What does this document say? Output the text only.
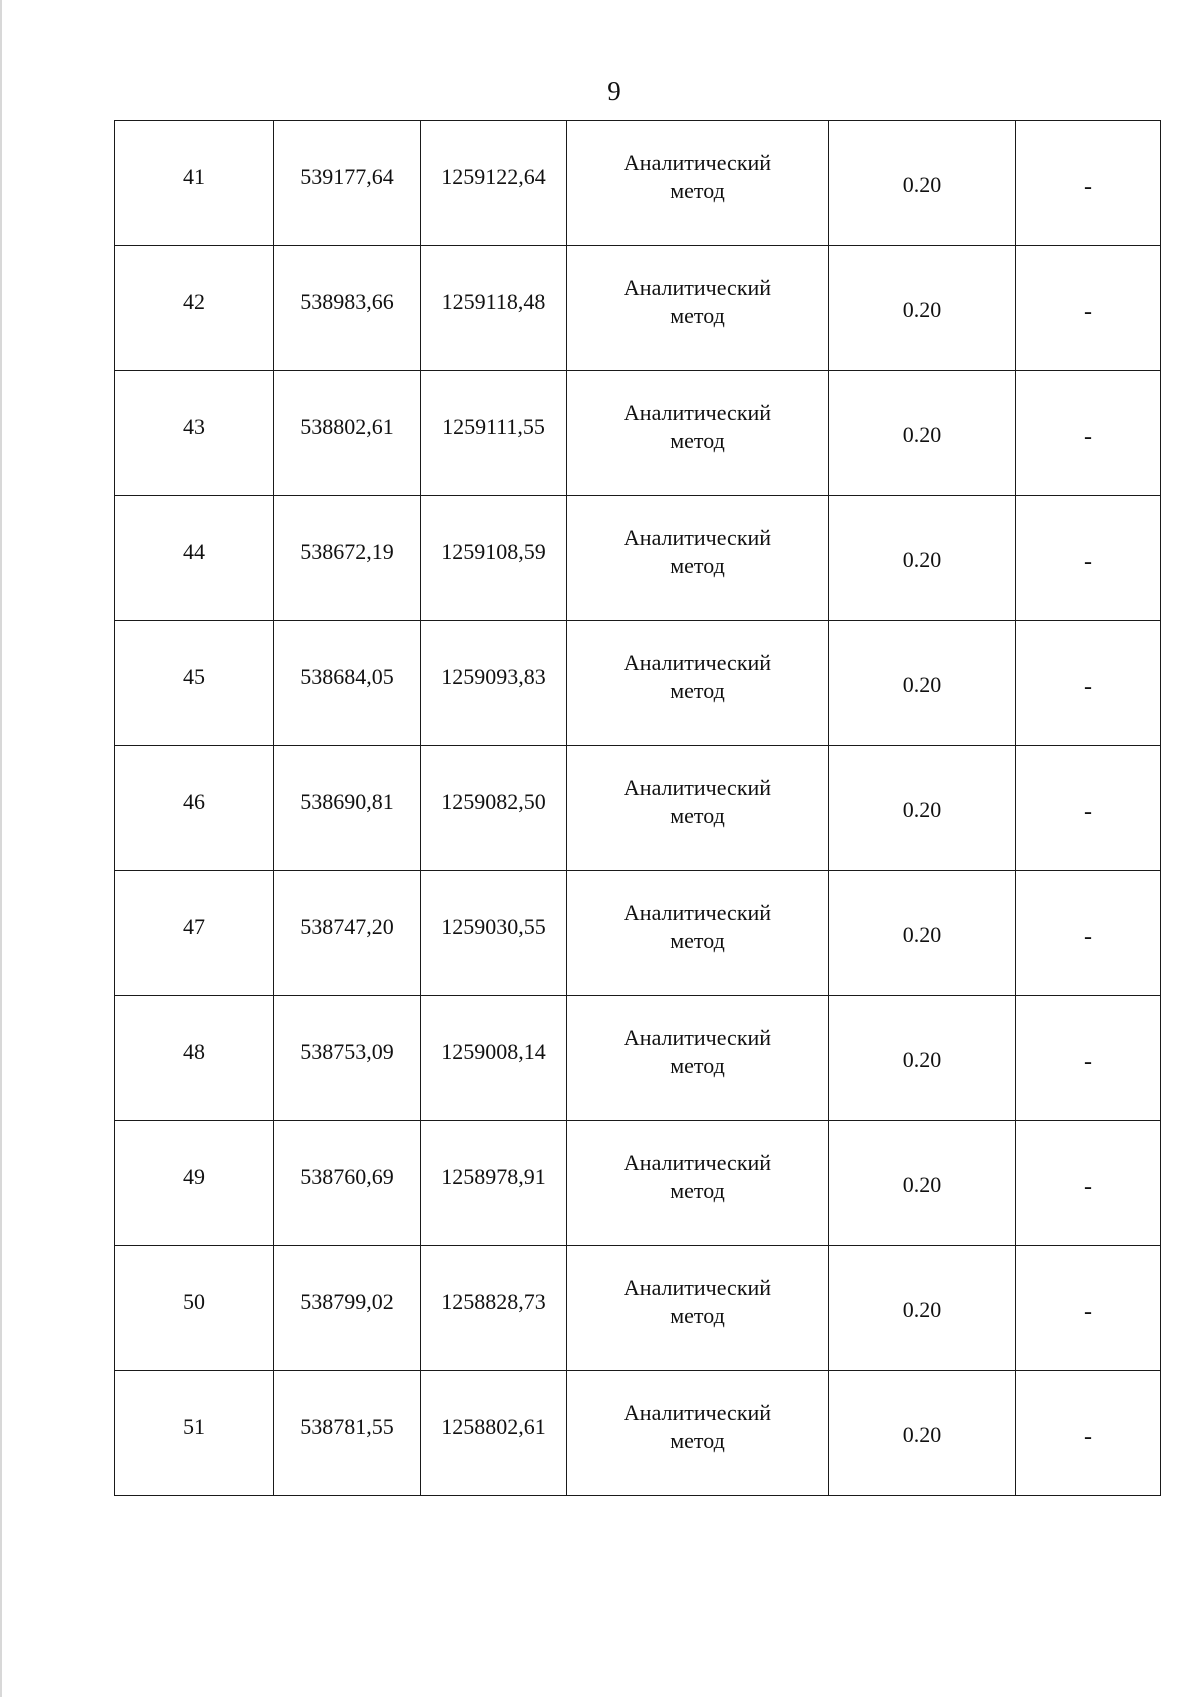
9
41	539177,64	1259122,64	Аналитический
метод	0.20	-
42	538983,66	1259118,48	Аналитический
метод	0.20	-
43	538802,61	1259111,55	Аналитический
метод	0.20	-
44	538672,19	1259108,59	Аналитический
метод	0.20	-
45	538684,05	1259093,83	Аналитический
метод	0.20	-
46	538690,81	1259082,50	Аналитический
метод	0.20	-
47	538747,20	1259030,55	Аналитический
метод	0.20	-
48	538753,09	1259008,14	Аналитический
метод	0.20	-
49	538760,69	1258978,91	Аналитический
метод	0.20	-
50	538799,02	1258828,73	Аналитический
метод	0.20	-
51	538781,55	1258802,61	Аналитический
метод	0.20	-
